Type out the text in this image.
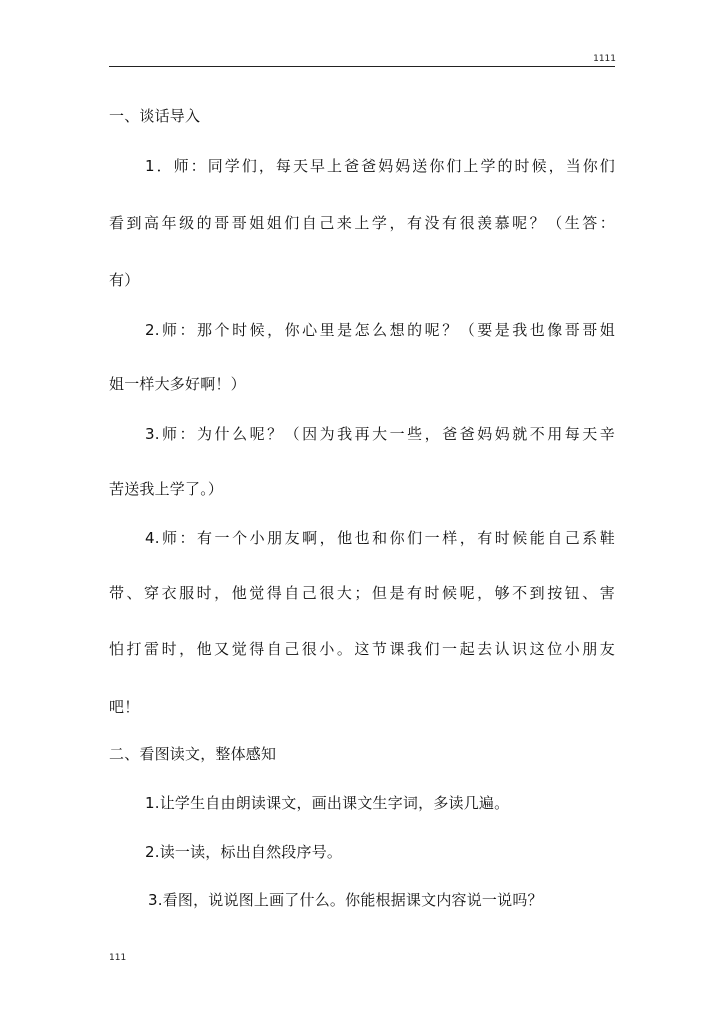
1111
一、谈话导入
1．师：同学们，每天早上爸爸妈妈送你们上学的时候，当你们
看到高年级的哥哥姐姐们自己来上学，有没有很羡慕呢？（生答：
有）
2.师：那个时候，你心里是怎么想的呢？（要是我也像哥哥姐
姐一样大多好啊！）
3.师：为什么呢？（因为我再大一些，爸爸妈妈就不用每天辛
苦送我上学了。）
4.师：有一个小朋友啊，他也和你们一样，有时候能自己系鞋
带、穿衣服时，他觉得自己很大；但是有时候呢，够不到按钮、害
怕打雷时，他又觉得自己很小。这节课我们一起去认识这位小朋友
吧！
二、看图读文，整体感知
1.让学生自由朗读课文，画出课文生字词，多读几遍。
2.读一读，标出自然段序号。
3.看图，说说图上画了什么。你能根据课文内容说一说吗？
111
